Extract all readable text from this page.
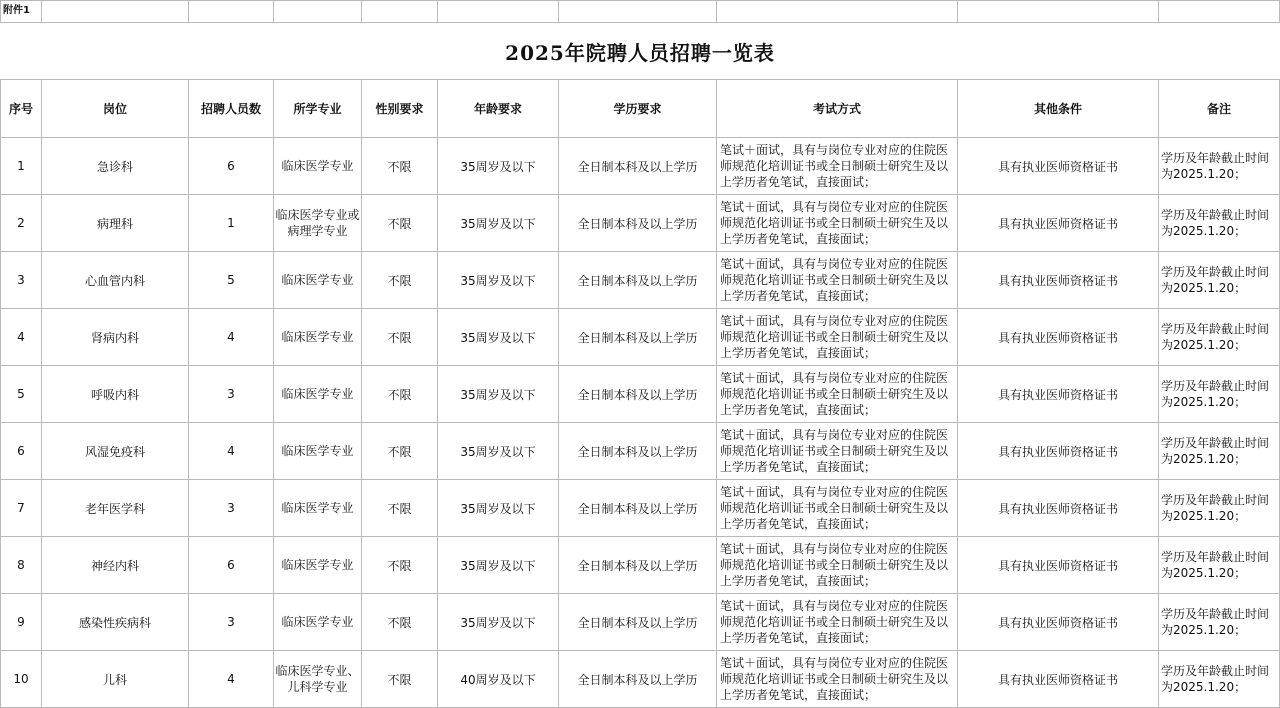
附件1									
2025年院聘人员招聘一览表									
序号	岗位	招聘人员数	所学专业	性别要求	年龄要求	学历要求	考试方式	其他条件	备注
1	急诊科	6	临床医学专业	不限	35周岁及以下	全日制本科及以上学历	笔试＋面试，具有与岗位专业对应的住院医师规范化培训证书或全日制硕士研究生及以上学历者免笔试，直接面试；	具有执业医师资格证书	学历及年龄截止时间为2025.1.20；
2	病理科	1	临床医学专业或病理学专业	不限	35周岁及以下	全日制本科及以上学历	笔试＋面试，具有与岗位专业对应的住院医师规范化培训证书或全日制硕士研究生及以上学历者免笔试，直接面试；	具有执业医师资格证书	学历及年龄截止时间为2025.1.20；
3	心血管内科	5	临床医学专业	不限	35周岁及以下	全日制本科及以上学历	笔试＋面试，具有与岗位专业对应的住院医师规范化培训证书或全日制硕士研究生及以上学历者免笔试，直接面试；	具有执业医师资格证书	学历及年龄截止时间为2025.1.20；
4	肾病内科	4	临床医学专业	不限	35周岁及以下	全日制本科及以上学历	笔试＋面试，具有与岗位专业对应的住院医师规范化培训证书或全日制硕士研究生及以上学历者免笔试，直接面试；	具有执业医师资格证书	学历及年龄截止时间为2025.1.20；
5	呼吸内科	3	临床医学专业	不限	35周岁及以下	全日制本科及以上学历	笔试＋面试，具有与岗位专业对应的住院医师规范化培训证书或全日制硕士研究生及以上学历者免笔试，直接面试；	具有执业医师资格证书	学历及年龄截止时间为2025.1.20；
6	风湿免疫科	4	临床医学专业	不限	35周岁及以下	全日制本科及以上学历	笔试＋面试，具有与岗位专业对应的住院医师规范化培训证书或全日制硕士研究生及以上学历者免笔试，直接面试；	具有执业医师资格证书	学历及年龄截止时间为2025.1.20；
7	老年医学科	3	临床医学专业	不限	35周岁及以下	全日制本科及以上学历	笔试＋面试，具有与岗位专业对应的住院医师规范化培训证书或全日制硕士研究生及以上学历者免笔试，直接面试；	具有执业医师资格证书	学历及年龄截止时间为2025.1.20；
8	神经内科	6	临床医学专业	不限	35周岁及以下	全日制本科及以上学历	笔试＋面试，具有与岗位专业对应的住院医师规范化培训证书或全日制硕士研究生及以上学历者免笔试，直接面试；	具有执业医师资格证书	学历及年龄截止时间为2025.1.20；
9	感染性疾病科	3	临床医学专业	不限	35周岁及以下	全日制本科及以上学历	笔试＋面试，具有与岗位专业对应的住院医师规范化培训证书或全日制硕士研究生及以上学历者免笔试，直接面试；	具有执业医师资格证书	学历及年龄截止时间为2025.1.20；
10	儿科	4	临床医学专业、儿科学专业	不限	40周岁及以下	全日制本科及以上学历	笔试＋面试，具有与岗位专业对应的住院医师规范化培训证书或全日制硕士研究生及以上学历者免笔试，直接面试；	具有执业医师资格证书	学历及年龄截止时间为2025.1.20；
